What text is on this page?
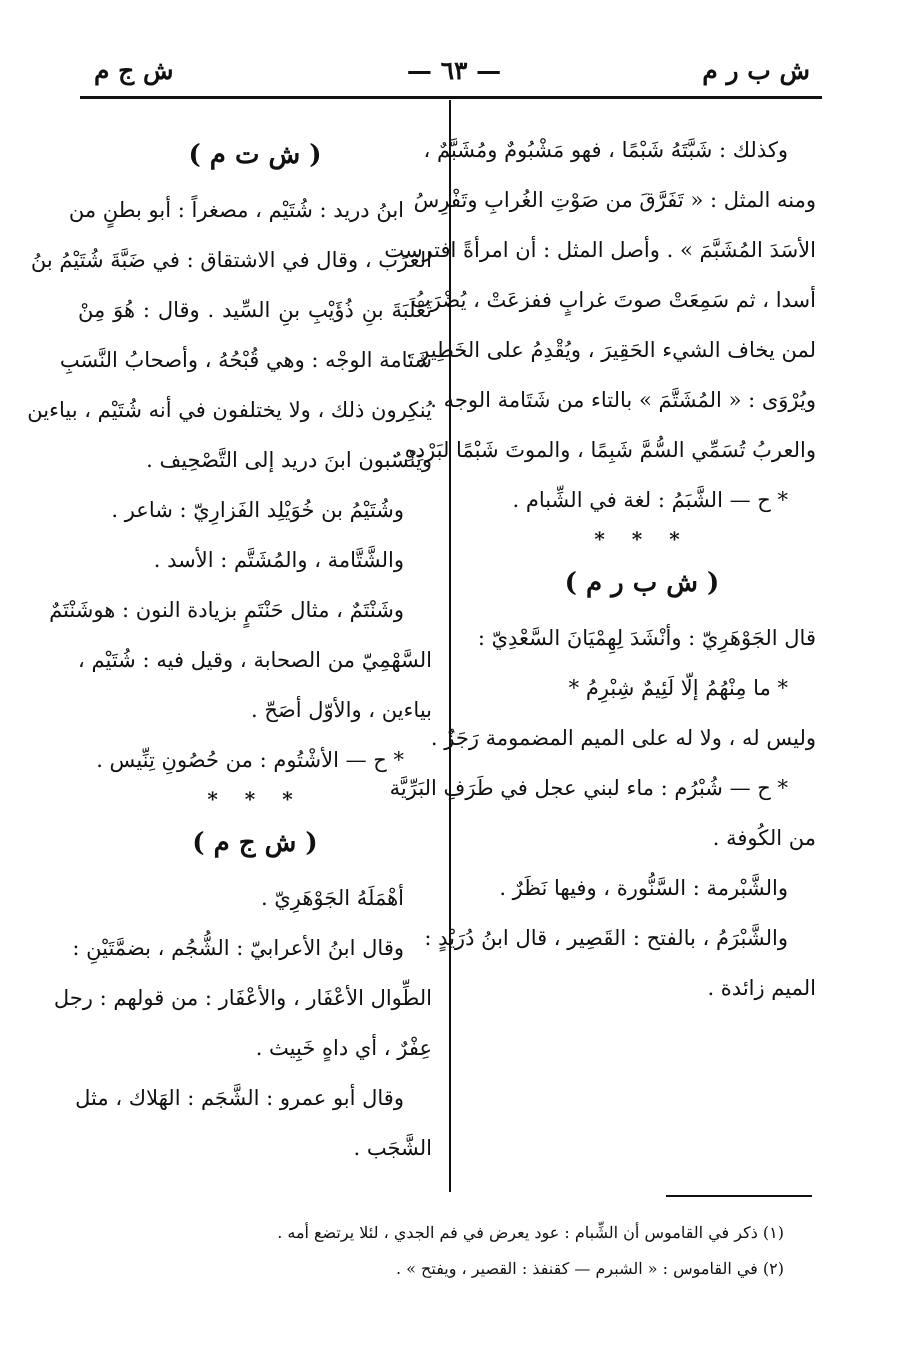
ش ب ر م
— ٦٣ —
ش ج م
وكذلك : شَبَّتَهُ شَبْمًا ، فهو مَشْبُومٌ ومُشَبَّمٌ ،
ومنه المثل : « تَفَرَّقَ من صَوْتِ الغُرابِ وتَفْرِسُ
الأسَدَ المُشَبَّمَ » . وأصل المثل : أن امرأةً افترست
أسدا ، ثم سَمِعَتْ صوتَ غرابٍ ففزعَتْ ، يُضْرَبُ
لمن يخاف الشيء الحَقِيرَ ، ويُقْدِمُ على الخَطِيرِ .
ويُرْوَى : « المُشَتَّمَ » بالتاء من شَتَامة الوجه .
والعربُ تُسَمِّي السُّمَّ شَبِمًا ، والموتَ شَبْمًا لبَرْدِهِ .
* ح — الشَّبَمُ : لغة في الشِّبام .
* * *
( ش ب ر م )
قال الجَوْهَرِيّ : وأنْشَدَ لِهِمْيَانَ السَّعْدِيّ :
* ما مِنْهُمُ إلّا لَئِيمٌ شِبْرِمُ *
وليس له ، ولا له على الميم المضمومة رَجَزٌ .
* ح — شُبْرُم : ماء لبني عجل في طَرَفِ البَرِّيَّة
من الكُوفة .
والشَّبْرمة : السَّنُّورة ، وفيها نَظَرٌ .
والشَّبْرَمُ ، بالفتح : القَصِير ، قال ابنُ دُرَيْدٍ :
الميم زائدة .
( ش ت م )
ابنُ دريد : شُتَيْم ، مصغراً : أبو بطنٍ من
العَرَب ، وقال في الاشتقاق : في ضَبَّةَ شُتَيْمُ بنُ
ثَعْلَبَةَ بنِ ذُؤَيْبِ بنِ السِّيد . وقال : هُوَ مِنْ
شَتَامة الوجْه : وهي قُبْحُهُ ، وأصحابُ النَّسَبِ
يُنكِرون ذلك ، ولا يختلفون في أنه شُتَيْم ، بياءين
ويَنْسُبون ابنَ دريد إلى التَّصْحِيف .
وشُتَيْمُ بن خُوَيْلِد الفَزارِيّ : شاعر .
والشَّتَّامة ، والمُشَتَّم : الأسد .
وشَنْتَمٌ ، مثال حَنْتَمٍ بزيادة النون : هوشَنْتَمٌ
السَّهْمِيّ من الصحابة ، وقيل فيه : شُتَيْم ،
بياءين ، والأوّل أصَحّ .
* ح — الأشْتُوم : من حُصُونِ تِنِّيس .
* * *
( ش ج م )
أهْمَلَهُ الجَوْهَرِيّ .
وقال ابنُ الأعرابيّ : الشُّجُم ، بضمَّتَيْنِ :
الطِّوال الأعْفَار ، والأعْفَار : من قولهم : رجل
عِفْرٌ ، أي داهٍ خَبِيث .
وقال أبو عمرو : الشَّجَم : الهَلاك ، مثل
الشَّجَب .
(١) ذكر في القاموس أن الشِّبام : عود يعرض في فم الجدي ، لئلا يرتضع أمه .
(٢) في القاموس : « الشبرم — كقنفذ : القصير ، ويفتح » .
